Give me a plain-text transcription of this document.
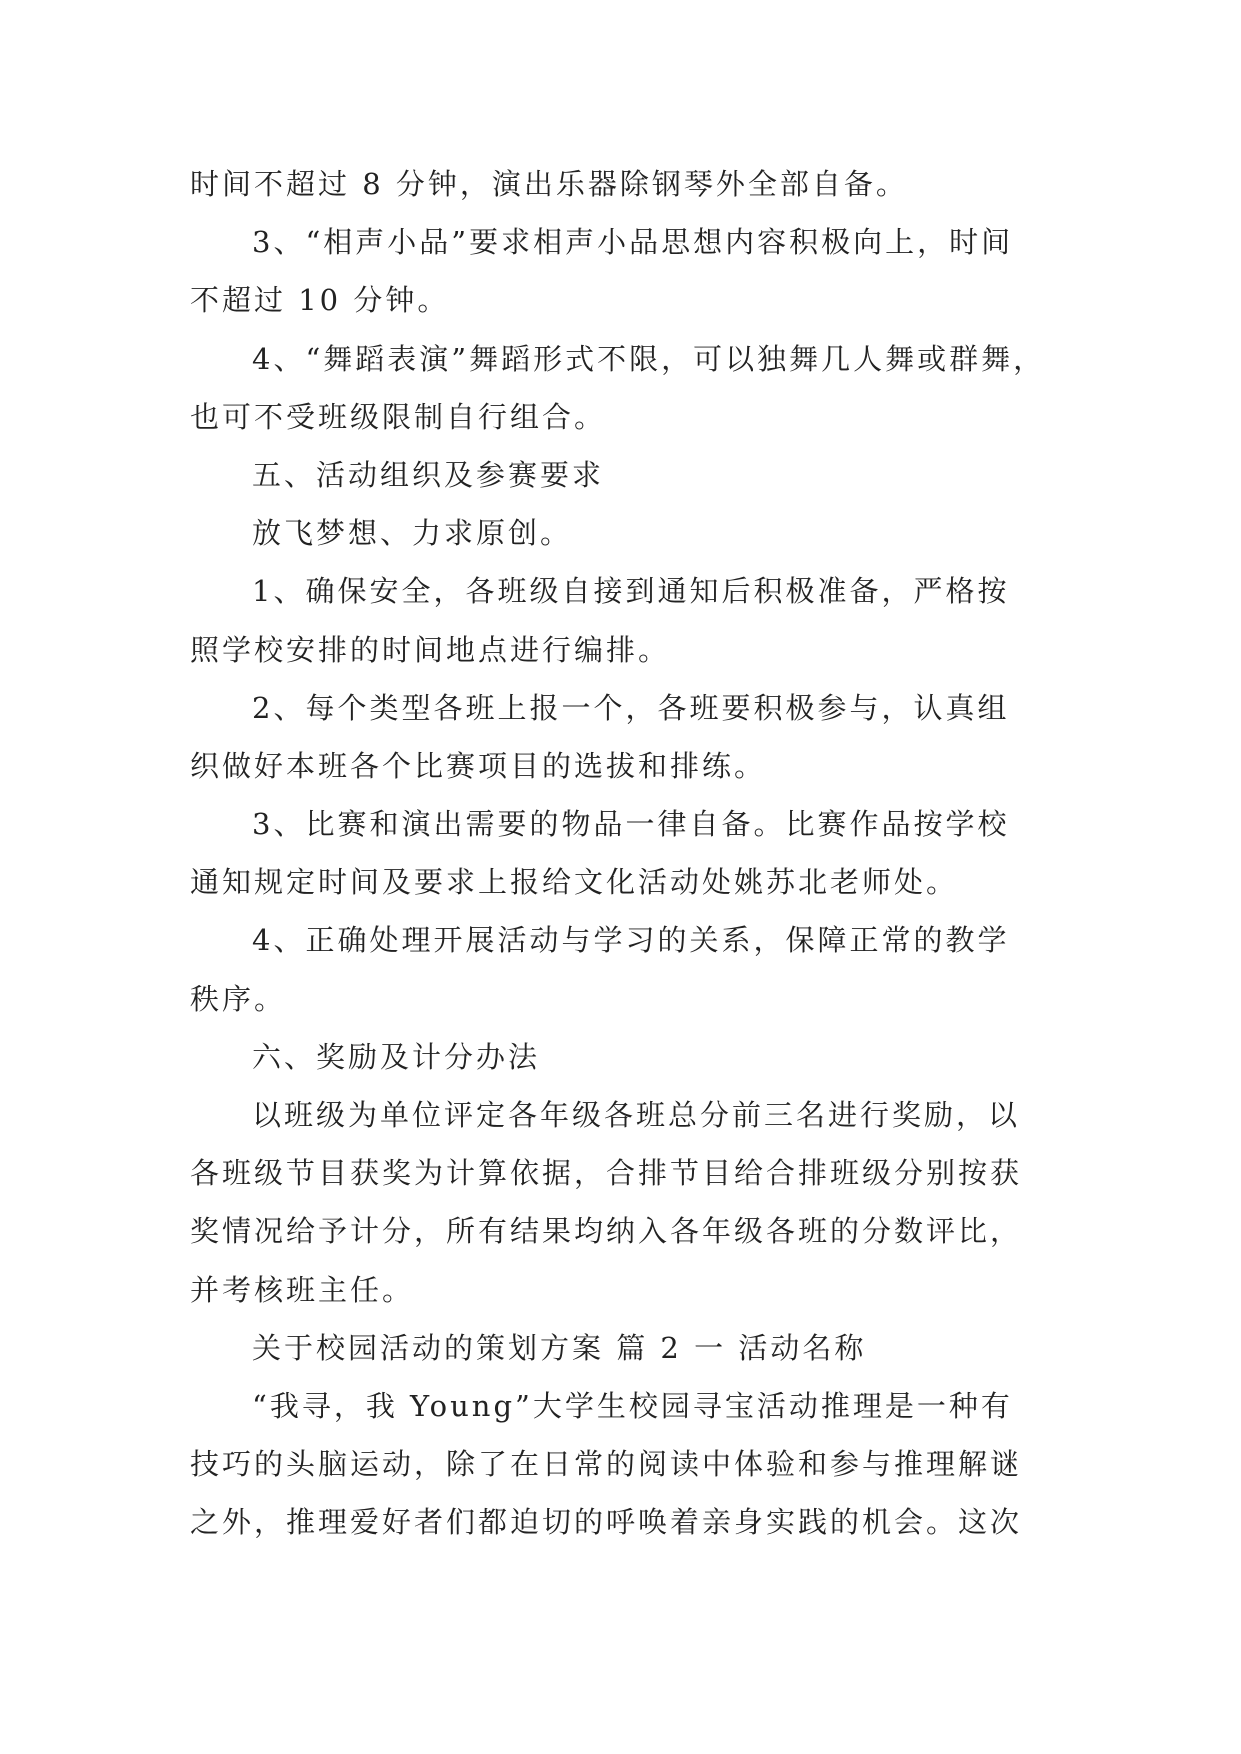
时间不超过 8 分钟，演出乐器除钢琴外全部自备。
3、“相声小品”要求相声小品思想内容积极向上，时间
不超过 10 分钟。
4、“舞蹈表演”舞蹈形式不限，可以独舞几人舞或群舞，
也可不受班级限制自行组合。
五、活动组织及参赛要求
放飞梦想、力求原创。
1、确保安全，各班级自接到通知后积极准备，严格按
照学校安排的时间地点进行编排。
2、每个类型各班上报一个，各班要积极参与，认真组
织做好本班各个比赛项目的选拔和排练。
3、比赛和演出需要的物品一律自备。比赛作品按学校
通知规定时间及要求上报给文化活动处姚苏北老师处。
4、正确处理开展活动与学习的关系，保障正常的教学
秩序。
六、奖励及计分办法
以班级为单位评定各年级各班总分前三名进行奖励，以
各班级节目获奖为计算依据，合排节目给合排班级分别按获
奖情况给予计分，所有结果均纳入各年级各班的分数评比，
并考核班主任。
关于校园活动的策划方案 篇 2 一 活动名称
“我寻，我 Young”大学生校园寻宝活动推理是一种有
技巧的头脑运动，除了在日常的阅读中体验和参与推理解谜
之外，推理爱好者们都迫切的呼唤着亲身实践的机会。这次
